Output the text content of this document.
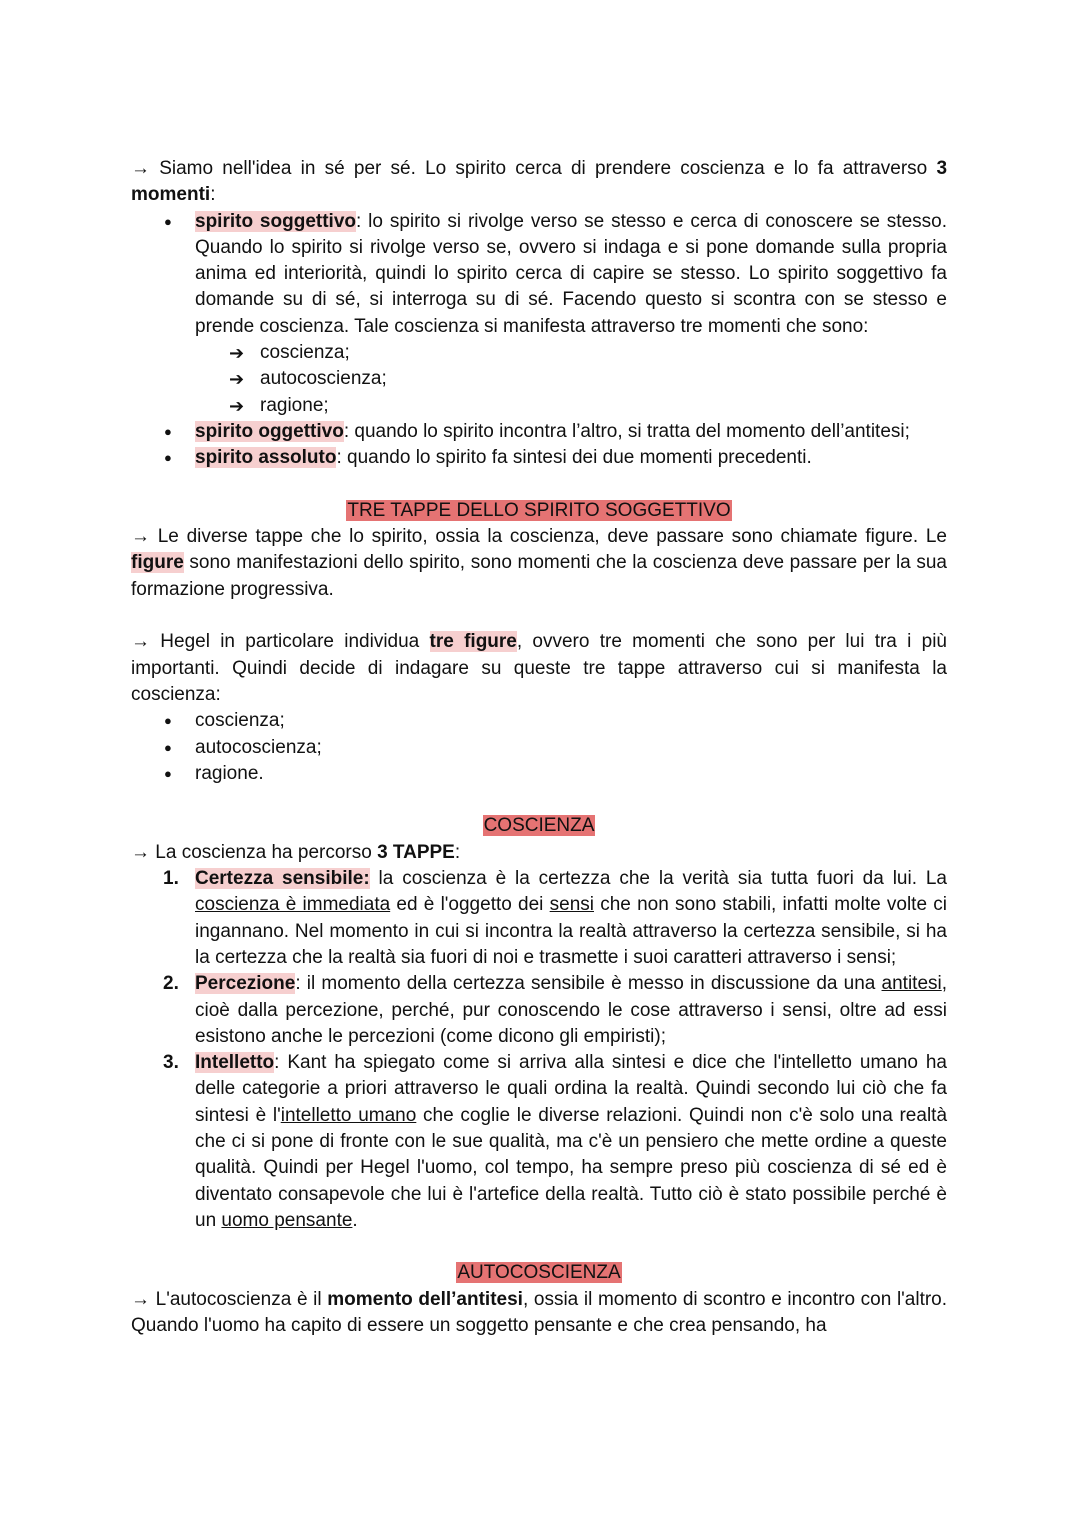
→ Siamo nell'idea in sé per sé. Lo spirito cerca di prendere coscienza e lo fa attraverso 3 momenti:

● spirito soggettivo: lo spirito si rivolge verso se stesso e cerca di conoscere se stesso. Quando lo spirito si rivolge verso se, ovvero si indaga e si pone domande sulla propria anima ed interiorità, quindi lo spirito cerca di capire se stesso. Lo spirito soggettivo fa domande su di sé, si interroga su di sé. Facendo questo si scontra con se stesso e prende coscienza. Tale coscienza si manifesta attraverso tre momenti che sono:
➔ coscienza;
➔ autocoscienza;
➔ ragione;
● spirito oggettivo: quando lo spirito incontra l’altro, si tratta del momento dell’antitesi;
● spirito assoluto: quando lo spirito fa sintesi dei due momenti precedenti.

TRE TAPPE DELLO SPIRITO SOGGETTIVO

→ Le diverse tappe che lo spirito, ossia la coscienza, deve passare sono chiamate figure. Le figure sono manifestazioni dello spirito, sono momenti che la coscienza deve passare per la sua formazione progressiva.

→ Hegel in particolare individua tre figure, ovvero tre momenti che sono per lui tra i più importanti. Quindi decide di indagare su queste tre tappe attraverso cui si manifesta la coscienza:

● coscienza;
● autocoscienza;
● ragione.

COSCIENZA

→ La coscienza ha percorso 3 TAPPE:

1. Certezza sensibile: la coscienza è la certezza che la verità sia tutta fuori da lui. La coscienza è immediata ed è l'oggetto dei sensi che non sono stabili, infatti molte volte ci ingannano. Nel momento in cui si incontra la realtà attraverso la certezza sensibile, si ha la certezza che la realtà sia fuori di noi e trasmette i suoi caratteri attraverso i sensi;
2. Percezione: il momento della certezza sensibile è messo in discussione da una antitesi, cioè dalla percezione, perché, pur conoscendo le cose attraverso i sensi, oltre ad essi esistono anche le percezioni (come dicono gli empiristi);
3. Intelletto: Kant ha spiegato come si arriva alla sintesi e dice che l'intelletto umano ha delle categorie a priori attraverso le quali ordina la realtà. Quindi secondo lui ciò che fa sintesi è l'intelletto umano che coglie le diverse relazioni. Quindi non c'è solo una realtà che ci si pone di fronte con le sue qualità, ma c'è un pensiero che mette ordine a queste qualità. Quindi per Hegel l'uomo, col tempo, ha sempre preso più coscienza di sé ed è diventato consapevole che lui è l'artefice della realtà. Tutto ciò è stato possibile perché è un uomo pensante.

AUTOCOSCIENZA

→ L'autocoscienza è il momento dell’antitesi, ossia il momento di scontro e incontro con l'altro. Quando l'uomo ha capito di essere un soggetto pensante e che crea pensando, ha
